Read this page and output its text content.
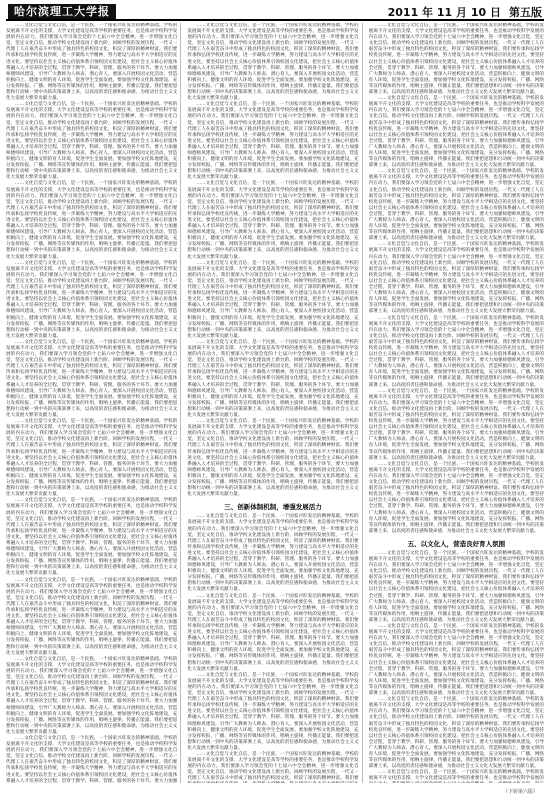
哈尔滨理工大学报	2011 年 11 月 10 日 第五版

……文化自觉与文化自信，是一个民族、一个国家兴旺发达的精神基础。学校的发展离不开文化的支撑，大学文化建设是高等学校的重要任务，也是推动学校科学发展的内在动力。我们要深入学习领会党的十七届六中全会精神，进一步增强文化自觉，坚定文化自信，推动学校文化建设再上新台阶。回顾学校的发展历程，一代又一代理工人在艰苦奋斗中形成了独具特色的校园文化，积淀了深厚的精神财富。我们要传承和弘扬学校优良传统，进一步凝练大学精神，努力建设与高水平大学相适应的先进文化。要坚持以社会主义核心价值体系引领校园文化建设，把社会主义核心价值体系融入人才培养的全过程，贯穿于教学、科研、管理、服务的各个环节。要大力加强师德师风建设，引导广大教师为人师表、潜心育人。要深入开展校园文化活动，营造积极向上、健康文明的育人环境，促进学生全面发展。要加强学校文化阵地建设，充分发挥校报、广播、网络等宣传媒体的作用，唱响主旋律，传播正能量。我们要把思想和行动统一到中央的决策部署上来，以高度的责任感和使命感，为推动社会主义文化大发展大繁荣贡献力量。

……文化自觉与文化自信，是一个民族、一个国家兴旺发达的精神基础。学校的发展离不开文化的支撑，大学文化建设是高等学校的重要任务，也是推动学校科学发展的内在动力。我们要深入学习领会党的十七届六中全会精神，进一步增强文化自觉，坚定文化自信，推动学校文化建设再上新台阶。回顾学校的发展历程，一代又一代理工人在艰苦奋斗中形成了独具特色的校园文化，积淀了深厚的精神财富。我们要传承和弘扬学校优良传统，进一步凝练大学精神，努力建设与高水平大学相适应的先进文化。要坚持以社会主义核心价值体系引领校园文化建设，把社会主义核心价值体系融入人才培养的全过程，贯穿于教学、科研、管理、服务的各个环节。要大力加强师德师风建设，引导广大教师为人师表、潜心育人。要深入开展校园文化活动，营造积极向上、健康文明的育人环境，促进学生全面发展。要加强学校文化阵地建设，充分发挥校报、广播、网络等宣传媒体的作用，唱响主旋律，传播正能量。我们要把思想和行动统一到中央的决策部署上来，以高度的责任感和使命感，为推动社会主义文化大发展大繁荣贡献力量。

……文化自觉与文化自信，是一个民族、一个国家兴旺发达的精神基础。学校的发展离不开文化的支撑，大学文化建设是高等学校的重要任务，也是推动学校科学发展的内在动力。我们要深入学习领会党的十七届六中全会精神，进一步增强文化自觉，坚定文化自信，推动学校文化建设再上新台阶。回顾学校的发展历程，一代又一代理工人在艰苦奋斗中形成了独具特色的校园文化，积淀了深厚的精神财富。我们要传承和弘扬学校优良传统，进一步凝练大学精神，努力建设与高水平大学相适应的先进文化。要坚持以社会主义核心价值体系引领校园文化建设，把社会主义核心价值体系融入人才培养的全过程，贯穿于教学、科研、管理、服务的各个环节。要大力加强师德师风建设，引导广大教师为人师表、潜心育人。要深入开展校园文化活动，营造积极向上、健康文明的育人环境，促进学生全面发展。要加强学校文化阵地建设，充分发挥校报、广播、网络等宣传媒体的作用，唱响主旋律，传播正能量。我们要把思想和行动统一到中央的决策部署上来，以高度的责任感和使命感，为推动社会主义文化大发展大繁荣贡献力量。

……文化自觉与文化自信，是一个民族、一个国家兴旺发达的精神基础。学校的发展离不开文化的支撑，大学文化建设是高等学校的重要任务，也是推动学校科学发展的内在动力。我们要深入学习领会党的十七届六中全会精神，进一步增强文化自觉，坚定文化自信，推动学校文化建设再上新台阶。回顾学校的发展历程，一代又一代理工人在艰苦奋斗中形成了独具特色的校园文化，积淀了深厚的精神财富。我们要传承和弘扬学校优良传统，进一步凝练大学精神，努力建设与高水平大学相适应的先进文化。要坚持以社会主义核心价值体系引领校园文化建设，把社会主义核心价值体系融入人才培养的全过程，贯穿于教学、科研、管理、服务的各个环节。要大力加强师德师风建设，引导广大教师为人师表、潜心育人。要深入开展校园文化活动，营造积极向上、健康文明的育人环境，促进学生全面发展。要加强学校文化阵地建设，充分发挥校报、广播、网络等宣传媒体的作用，唱响主旋律，传播正能量。我们要把思想和行动统一到中央的决策部署上来，以高度的责任感和使命感，为推动社会主义文化大发展大繁荣贡献力量。

……文化自觉与文化自信，是一个民族、一个国家兴旺发达的精神基础。学校的发展离不开文化的支撑，大学文化建设是高等学校的重要任务，也是推动学校科学发展的内在动力。我们要深入学习领会党的十七届六中全会精神，进一步增强文化自觉，坚定文化自信，推动学校文化建设再上新台阶。回顾学校的发展历程，一代又一代理工人在艰苦奋斗中形成了独具特色的校园文化，积淀了深厚的精神财富。我们要传承和弘扬学校优良传统，进一步凝练大学精神，努力建设与高水平大学相适应的先进文化。要坚持以社会主义核心价值体系引领校园文化建设，把社会主义核心价值体系融入人才培养的全过程，贯穿于教学、科研、管理、服务的各个环节。要大力加强师德师风建设，引导广大教师为人师表、潜心育人。要深入开展校园文化活动，营造积极向上、健康文明的育人环境，促进学生全面发展。要加强学校文化阵地建设，充分发挥校报、广播、网络等宣传媒体的作用，唱响主旋律，传播正能量。我们要把思想和行动统一到中央的决策部署上来，以高度的责任感和使命感，为推动社会主义文化大发展大繁荣贡献力量。

……文化自觉与文化自信，是一个民族、一个国家兴旺发达的精神基础。学校的发展离不开文化的支撑，大学文化建设是高等学校的重要任务，也是推动学校科学发展的内在动力。我们要深入学习领会党的十七届六中全会精神，进一步增强文化自觉，坚定文化自信，推动学校文化建设再上新台阶。回顾学校的发展历程，一代又一代理工人在艰苦奋斗中形成了独具特色的校园文化，积淀了深厚的精神财富。我们要传承和弘扬学校优良传统，进一步凝练大学精神，努力建设与高水平大学相适应的先进文化。要坚持以社会主义核心价值体系引领校园文化建设，把社会主义核心价值体系融入人才培养的全过程，贯穿于教学、科研、管理、服务的各个环节。要大力加强师德师风建设，引导广大教师为人师表、潜心育人。要深入开展校园文化活动，营造积极向上、健康文明的育人环境，促进学生全面发展。要加强学校文化阵地建设，充分发挥校报、广播、网络等宣传媒体的作用，唱响主旋律，传播正能量。我们要把思想和行动统一到中央的决策部署上来，以高度的责任感和使命感，为推动社会主义文化大发展大繁荣贡献力量。

……文化自觉与文化自信，是一个民族、一个国家兴旺发达的精神基础。学校的发展离不开文化的支撑，大学文化建设是高等学校的重要任务，也是推动学校科学发展的内在动力。我们要深入学习领会党的十七届六中全会精神，进一步增强文化自觉，坚定文化自信，推动学校文化建设再上新台阶。回顾学校的发展历程，一代又一代理工人在艰苦奋斗中形成了独具特色的校园文化，积淀了深厚的精神财富。我们要传承和弘扬学校优良传统，进一步凝练大学精神，努力建设与高水平大学相适应的先进文化。要坚持以社会主义核心价值体系引领校园文化建设，把社会主义核心价值体系融入人才培养的全过程，贯穿于教学、科研、管理、服务的各个环节。要大力加强师德师风建设，引导广大教师为人师表、潜心育人。要深入开展校园文化活动，营造积极向上、健康文明的育人环境，促进学生全面发展。要加强学校文化阵地建设，充分发挥校报、广播、网络等宣传媒体的作用，唱响主旋律，传播正能量。我们要把思想和行动统一到中央的决策部署上来，以高度的责任感和使命感，为推动社会主义文化大发展大繁荣贡献力量。

……文化自觉与文化自信，是一个民族、一个国家兴旺发达的精神基础。学校的发展离不开文化的支撑，大学文化建设是高等学校的重要任务，也是推动学校科学发展的内在动力。我们要深入学习领会党的十七届六中全会精神，进一步增强文化自觉，坚定文化自信，推动学校文化建设再上新台阶。回顾学校的发展历程，一代又一代理工人在艰苦奋斗中形成了独具特色的校园文化，积淀了深厚的精神财富。我们要传承和弘扬学校优良传统，进一步凝练大学精神，努力建设与高水平大学相适应的先进文化。要坚持以社会主义核心价值体系引领校园文化建设，把社会主义核心价值体系融入人才培养的全过程，贯穿于教学、科研、管理、服务的各个环节。要大力加强师德师风建设，引导广大教师为人师表、潜心育人。要深入开展校园文化活动，营造积极向上、健康文明的育人环境，促进学生全面发展。要加强学校文化阵地建设，充分发挥校报、广播、网络等宣传媒体的作用，唱响主旋律，传播正能量。我们要把思想和行动统一到中央的决策部署上来，以高度的责任感和使命感，为推动社会主义文化大发展大繁荣贡献力量。

……文化自觉与文化自信，是一个民族、一个国家兴旺发达的精神基础。学校的发展离不开文化的支撑，大学文化建设是高等学校的重要任务，也是推动学校科学发展的内在动力。我们要深入学习领会党的十七届六中全会精神，进一步增强文化自觉，坚定文化自信，推动学校文化建设再上新台阶。回顾学校的发展历程，一代又一代理工人在艰苦奋斗中形成了独具特色的校园文化，积淀了深厚的精神财富。我们要传承和弘扬学校优良传统，进一步凝练大学精神，努力建设与高水平大学相适应的先进文化。要坚持以社会主义核心价值体系引领校园文化建设，把社会主义核心价值体系融入人才培养的全过程，贯穿于教学、科研、管理、服务的各个环节。要大力加强师德师风建设，引导广大教师为人师表、潜心育人。要深入开展校园文化活动，营造积极向上、健康文明的育人环境，促进学生全面发展。要加强学校文化阵地建设，充分发挥校报、广播、网络等宣传媒体的作用，唱响主旋律，传播正能量。我们要把思想和行动统一到中央的决策部署上来，以高度的责任感和使命感，为推动社会主义文化大发展大繁荣贡献力量。

……文化自觉与文化自信，是一个民族、一个国家兴旺发达的精神基础。学校的发展离不开文化的支撑，大学文化建设是高等学校的重要任务，也是推动学校科学发展的内在动力。我们要深入学习领会党的十七届六中全会精神，进一步增强文化自觉，坚定文化自信，推动学校文化建设再上新台阶。回顾学校的发展历程，一代又一代理工人在艰苦奋斗中形成了独具特色的校园文化，积淀了深厚的精神财富。我们要传承和弘扬学校优良传统，进一步凝练大学精神，努力建设与高水平大学相适应的先进文化。要坚持以社会主义核心价值体系引领校园文化建设，把社会主义核心价值体系融入人才培养的全过程，贯穿于教学、科研、管理、服务的各个环节。要大力加强

……文化自觉与文化自信，是一个民族、一个国家兴旺发达的精神基础。学校的发展离不开文化的支撑，大学文化建设是高等学校的重要任务，也是推动学校科学发展的内在动力。我们要深入学习领会党的十七届六中全会精神，进一步增强文化自觉，坚定文化自信，推动学校文化建设再上新台阶。回顾学校的发展历程，一代又一代理工人在艰苦奋斗中形成了独具特色的校园文化，积淀了深厚的精神财富。我们要传承和弘扬学校优良传统，进一步凝练大学精神，努力建设与高水平大学相适应的先进文化。要坚持以社会主义核心价值体系引领校园文化建设，把社会主义核心价值体系融入人才培养的全过程，贯穿于教学、科研、管理、服务的各个环节。要大力加强师德师风建设，引导广大教师为人师表、潜心育人。要深入开展校园文化活动，营造积极向上、健康文明的育人环境，促进学生全面发展。要加强学校文化阵地建设，充分发挥校报、广播、网络等宣传媒体的作用，唱响主旋律，传播正能量。我们要把思想和行动统一到中央的决策部署上来，以高度的责任感和使命感，为推动社会主义文化大发展大繁荣贡献力量。

……文化自觉与文化自信，是一个民族、一个国家兴旺发达的精神基础。学校的发展离不开文化的支撑，大学文化建设是高等学校的重要任务，也是推动学校科学发展的内在动力。我们要深入学习领会党的十七届六中全会精神，进一步增强文化自觉，坚定文化自信，推动学校文化建设再上新台阶。回顾学校的发展历程，一代又一代理工人在艰苦奋斗中形成了独具特色的校园文化，积淀了深厚的精神财富。我们要传承和弘扬学校优良传统，进一步凝练大学精神，努力建设与高水平大学相适应的先进文化。要坚持以社会主义核心价值体系引领校园文化建设，把社会主义核心价值体系融入人才培养的全过程，贯穿于教学、科研、管理、服务的各个环节。要大力加强师德师风建设，引导广大教师为人师表、潜心育人。要深入开展校园文化活动，营造积极向上、健康文明的育人环境，促进学生全面发展。要加强学校文化阵地建设，充分发挥校报、广播、网络等宣传媒体的作用，唱响主旋律，传播正能量。我们要把思想和行动统一到中央的决策部署上来，以高度的责任感和使命感，为推动社会主义文化大发展大繁荣贡献力量。

……文化自觉与文化自信，是一个民族、一个国家兴旺发达的精神基础。学校的发展离不开文化的支撑，大学文化建设是高等学校的重要任务，也是推动学校科学发展的内在动力。我们要深入学习领会党的十七届六中全会精神，进一步增强文化自觉，坚定文化自信，推动学校文化建设再上新台阶。回顾学校的发展历程，一代又一代理工人在艰苦奋斗中形成了独具特色的校园文化，积淀了深厚的精神财富。我们要传承和弘扬学校优良传统，进一步凝练大学精神，努力建设与高水平大学相适应的先进文化。要坚持以社会主义核心价值体系引领校园文化建设，把社会主义核心价值体系融入人才培养的全过程，贯穿于教学、科研、管理、服务的各个环节。要大力加强师德师风建设，引导广大教师为人师表、潜心育人。要深入开展校园文化活动，营造积极向上、健康文明的育人环境，促进学生全面发展。要加强学校文化阵地建设，充分发挥校报、广播、网络等宣传媒体的作用，唱响主旋律，传播正能量。我们要把思想和行动统一到中央的决策部署上来，以高度的责任感和使命感，为推动社会主义文化大发展大繁荣贡献力量。

……文化自觉与文化自信，是一个民族、一个国家兴旺发达的精神基础。学校的发展离不开文化的支撑，大学文化建设是高等学校的重要任务，也是推动学校科学发展的内在动力。我们要深入学习领会党的十七届六中全会精神，进一步增强文化自觉，坚定文化自信，推动学校文化建设再上新台阶。回顾学校的发展历程，一代又一代理工人在艰苦奋斗中形成了独具特色的校园文化，积淀了深厚的精神财富。我们要传承和弘扬学校优良传统，进一步凝练大学精神，努力建设与高水平大学相适应的先进文化。要坚持以社会主义核心价值体系引领校园文化建设，把社会主义核心价值体系融入人才培养的全过程，贯穿于教学、科研、管理、服务的各个环节。要大力加强师德师风建设，引导广大教师为人师表、潜心育人。要深入开展校园文化活动，营造积极向上、健康文明的育人环境，促进学生全面发展。要加强学校文化阵地建设，充分发挥校报、广播、网络等宣传媒体的作用，唱响主旋律，传播正能量。我们要把思想和行动统一到中央的决策部署上来，以高度的责任感和使命感，为推动社会主义文化大发展大繁荣贡献力量。

……文化自觉与文化自信，是一个民族、一个国家兴旺发达的精神基础。学校的发展离不开文化的支撑，大学文化建设是高等学校的重要任务，也是推动学校科学发展的内在动力。我们要深入学习领会党的十七届六中全会精神，进一步增强文化自觉，坚定文化自信，推动学校文化建设再上新台阶。回顾学校的发展历程，一代又一代理工人在艰苦奋斗中形成了独具特色的校园文化，积淀了深厚的精神财富。我们要传承和弘扬学校优良传统，进一步凝练大学精神，努力建设与高水平大学相适应的先进文化。要坚持以社会主义核心价值体系引领校园文化建设，把社会主义核心价值体系融入人才培养的全过程，贯穿于教学、科研、管理、服务的各个环节。要大力加强师德师风建设，引导广大教师为人师表、潜心育人。要深入开展校园文化活动，营造积极向上、健康文明的育人环境，促进学生全面发展。要加强学校文化阵地建设，充分发挥校报、广播、网络等宣传媒体的作用，唱响主旋律，传播正能量。我们要把思想和行动统一到中央的决策部署上来，以高度的责任感和使命感，为推动社会主义文化大发展大繁荣贡献力量。

……文化自觉与文化自信，是一个民族、一个国家兴旺发达的精神基础。学校的发展离不开文化的支撑，大学文化建设是高等学校的重要任务，也是推动学校科学发展的内在动力。我们要深入学习领会党的十七届六中全会精神，进一步增强文化自觉，坚定文化自信，推动学校文化建设再上新台阶。回顾学校的发展历程，一代又一代理工人在艰苦奋斗中形成了独具特色的校园文化，积淀了深厚的精神财富。我们要传承和弘扬学校优良传统，进一步凝练大学精神，努力建设与高水平大学相适应的先进文化。要坚持以社会主义核心价值体系引领校园文化建设，把社会主义核心价值体系融入人才培养的全过程，贯穿于教学、科研、管理、服务的各个环节。要大力加强师德师风建设，引导广大教师为人师表、潜心育人。要深入开展校园文化活动，营造积极向上、健康文明的育人环境，促进学生全面发展。要加强学校文化阵地建设，充分发挥校报、广播、网络等宣传媒体的作用，唱响主旋律，传播正能量。我们要把思想和行动统一到中央的决策部署上来，以高度的责任感和使命感，为推动社会主义文化大发展大繁荣贡献力量。

三、创新体制机制，增强发展活力

……文化自觉与文化自信，是一个民族、一个国家兴旺发达的精神基础。学校的发展离不开文化的支撑，大学文化建设是高等学校的重要任务，也是推动学校科学发展的内在动力。我们要深入学习领会党的十七届六中全会精神，进一步增强文化自觉，坚定文化自信，推动学校文化建设再上新台阶。回顾学校的发展历程，一代又一代理工人在艰苦奋斗中形成了独具特色的校园文化，积淀了深厚的精神财富。我们要传承和弘扬学校优良传统，进一步凝练大学精神，努力建设与高水平大学相适应的先进文化。要坚持以社会主义核心价值体系引领校园文化建设，把社会主义核心价值体系融入人才培养的全过程，贯穿于教学、科研、管理、服务的各个环节。要大力加强师德师风建设，引导广大教师为人师表、潜心育人。要深入开展校园文化活动，营造积极向上、健康文明的育人环境，促进学生全面发展。要加强学校文化阵地建设，充分发挥校报、广播、网络等宣传媒体的作用，唱响主旋律，传播正能量。我们要把思想和行动统一到中央的决策部署上来，以高度的责任感和使命感，为推动社会主义文化大发展大繁荣贡献力量。

……文化自觉与文化自信，是一个民族、一个国家兴旺发达的精神基础。学校的发展离不开文化的支撑，大学文化建设是高等学校的重要任务，也是推动学校科学发展的内在动力。我们要深入学习领会党的十七届六中全会精神，进一步增强文化自觉，坚定文化自信，推动学校文化建设再上新台阶。回顾学校的发展历程，一代又一代理工人在艰苦奋斗中形成了独具特色的校园文化，积淀了深厚的精神财富。我们要传承和弘扬学校优良传统，进一步凝练大学精神，努力建设与高水平大学相适应的先进文化。要坚持以社会主义核心价值体系引领校园文化建设，把社会主义核心价值体系融入人才培养的全过程，贯穿于教学、科研、管理、服务的各个环节。要大力加强师德师风建设，引导广大教师为人师表、潜心育人。要深入开展校园文化活动，营造积极向上、健康文明的育人环境，促进学生全面发展。要加强学校文化阵地建设，充分发挥校报、广播、网络等宣传媒体的作用，唱响主旋律，传播正能量。我们要把思想和行动统一到中央的决策部署上来，以高度的责任感和使命感，为推动社会主义文化大发展大繁荣贡献力量。

……文化自觉与文化自信，是一个民族、一个国家兴旺发达的精神基础。学校的发展离不开文化的支撑，大学文化建设是高等学校的重要任务，也是推动学校科学发展的内在动力。我们要深入学习领会党的十七届六中全会精神，进一步增强文化自觉，坚定文化自信，推动学校文化建设再上新台阶。回顾学校的发展历程，一代又一代理工人在艰苦奋斗中形成了独具特色的校园文化，积淀了深厚的精神财富。我们要传承和弘扬学校优良传统，进一步凝练大学精神，努力建设与高水平大学相适应的先进文化。要坚持以社会主义核心价值体系引领校园文化建设，把社会主义核心价值体系融入人才培养的全过程，贯穿于教学、科研、管理、服务的各个环节。要大力加强师德师风建设，引导广大教师为人师表、潜心育人。要深入开展校园文化活动，营造积极向上、健康文明的育人环境，促进学生全面发展。要加强学校文化阵地建设，充分发挥校报、广播、网络等宣传媒体的作用，唱响主旋律，传播正能量。我们要把思想和行动统一到中央的决策部署上来，以高度的责任感和使命感，为推动社会主义文化大发展大繁荣贡献力量。

……文化自觉与文化自信，是一个民族、一个国家兴旺发达的精神基础。学校的发展离不开文化的支撑，大学文化建设是高等学校的重要任务，也是推动学校科学发展的内在动力。我们要深入学习领会党的十七届六中全会精神，进一步增强文化自觉，坚定文化自信，推动学校文化建设再上新台阶。回顾学校的发展历程，一代又一代理工人在艰苦奋斗中形成了独具特色的校园文化，积淀了深厚的精神财富。我们要

……文化自觉与文化自信，是一个民族、一个国家兴旺发达的精神基础。学校的发展离不开文化的支撑，大学文化建设是高等学校的重要任务，也是推动学校科学发展的内在动力。我们要深入学习领会党的十七届六中全会精神，进一步增强文化自觉，坚定文化自信，推动学校文化建设再上新台阶。回顾学校的发展历程，一代又一代理工人在艰苦奋斗中形成了独具特色的校园文化，积淀了深厚的精神财富。我们要传承和弘扬学校优良传统，进一步凝练大学精神，努力建设与高水平大学相适应的先进文化。要坚持以社会主义核心价值体系引领校园文化建设，把社会主义核心价值体系融入人才培养的全过程，贯穿于教学、科研、管理、服务的各个环节。要大力加强师德师风建设，引导广大教师为人师表、潜心育人。要深入开展校园文化活动，营造积极向上、健康文明的育人环境，促进学生全面发展。要加强学校文化阵地建设，充分发挥校报、广播、网络等宣传媒体的作用，唱响主旋律，传播正能量。我们要把思想和行动统一到中央的决策部署上来，以高度的责任感和使命感，为推动社会主义文化大发展大繁荣贡献力量。

……文化自觉与文化自信，是一个民族、一个国家兴旺发达的精神基础。学校的发展离不开文化的支撑，大学文化建设是高等学校的重要任务，也是推动学校科学发展的内在动力。我们要深入学习领会党的十七届六中全会精神，进一步增强文化自觉，坚定文化自信，推动学校文化建设再上新台阶。回顾学校的发展历程，一代又一代理工人在艰苦奋斗中形成了独具特色的校园文化，积淀了深厚的精神财富。我们要传承和弘扬学校优良传统，进一步凝练大学精神，努力建设与高水平大学相适应的先进文化。要坚持以社会主义核心价值体系引领校园文化建设，把社会主义核心价值体系融入人才培养的全过程，贯穿于教学、科研、管理、服务的各个环节。要大力加强师德师风建设，引导广大教师为人师表、潜心育人。要深入开展校园文化活动，营造积极向上、健康文明的育人环境，促进学生全面发展。要加强学校文化阵地建设，充分发挥校报、广播、网络等宣传媒体的作用，唱响主旋律，传播正能量。我们要把思想和行动统一到中央的决策部署上来，以高度的责任感和使命感，为推动社会主义文化大发展大繁荣贡献力量。

……文化自觉与文化自信，是一个民族、一个国家兴旺发达的精神基础。学校的发展离不开文化的支撑，大学文化建设是高等学校的重要任务，也是推动学校科学发展的内在动力。我们要深入学习领会党的十七届六中全会精神，进一步增强文化自觉，坚定文化自信，推动学校文化建设再上新台阶。回顾学校的发展历程，一代又一代理工人在艰苦奋斗中形成了独具特色的校园文化，积淀了深厚的精神财富。我们要传承和弘扬学校优良传统，进一步凝练大学精神，努力建设与高水平大学相适应的先进文化。要坚持以社会主义核心价值体系引领校园文化建设，把社会主义核心价值体系融入人才培养的全过程，贯穿于教学、科研、管理、服务的各个环节。要大力加强师德师风建设，引导广大教师为人师表、潜心育人。要深入开展校园文化活动，营造积极向上、健康文明的育人环境，促进学生全面发展。要加强学校文化阵地建设，充分发挥校报、广播、网络等宣传媒体的作用，唱响主旋律，传播正能量。我们要把思想和行动统一到中央的决策部署上来，以高度的责任感和使命感，为推动社会主义文化大发展大繁荣贡献力量。

……文化自觉与文化自信，是一个民族、一个国家兴旺发达的精神基础。学校的发展离不开文化的支撑，大学文化建设是高等学校的重要任务，也是推动学校科学发展的内在动力。我们要深入学习领会党的十七届六中全会精神，进一步增强文化自觉，坚定文化自信，推动学校文化建设再上新台阶。回顾学校的发展历程，一代又一代理工人在艰苦奋斗中形成了独具特色的校园文化，积淀了深厚的精神财富。我们要传承和弘扬学校优良传统，进一步凝练大学精神，努力建设与高水平大学相适应的先进文化。要坚持以社会主义核心价值体系引领校园文化建设，把社会主义核心价值体系融入人才培养的全过程，贯穿于教学、科研、管理、服务的各个环节。要大力加强师德师风建设，引导广大教师为人师表、潜心育人。要深入开展校园文化活动，营造积极向上、健康文明的育人环境，促进学生全面发展。要加强学校文化阵地建设，充分发挥校报、广播、网络等宣传媒体的作用，唱响主旋律，传播正能量。我们要把思想和行动统一到中央的决策部署上来，以高度的责任感和使命感，为推动社会主义文化大发展大繁荣贡献力量。

……文化自觉与文化自信，是一个民族、一个国家兴旺发达的精神基础。学校的发展离不开文化的支撑，大学文化建设是高等学校的重要任务，也是推动学校科学发展的内在动力。我们要深入学习领会党的十七届六中全会精神，进一步增强文化自觉，坚定文化自信，推动学校文化建设再上新台阶。回顾学校的发展历程，一代又一代理工人在艰苦奋斗中形成了独具特色的校园文化，积淀了深厚的精神财富。我们要传承和弘扬学校优良传统，进一步凝练大学精神，努力建设与高水平大学相适应的先进文化。要坚持以社会主义核心价值体系引领校园文化建设，把社会主义核心价值体系融入人才培养的全过程，贯穿于教学、科研、管理、服务的各个环节。要大力加强师德师风建设，引导广大教师为人师表、潜心育人。要深入开展校园文化活动，营造积极向上、健康文明的育人环境，促进学生全面发展。要加强学校文化阵地建设，充分发挥校报、广播、网络等宣传媒体的作用，唱响主旋律，传播正能量。我们要把思想和行动统一到中央的决策部署上来，以高度的责任感和使命感，为推动社会主义文化大发展大繁荣贡献力量。

……文化自觉与文化自信，是一个民族、一个国家兴旺发达的精神基础。学校的发展离不开文化的支撑，大学文化建设是高等学校的重要任务，也是推动学校科学发展的内在动力。我们要深入学习领会党的十七届六中全会精神，进一步增强文化自觉，坚定文化自信，推动学校文化建设再上新台阶。回顾学校的发展历程，一代又一代理工人在艰苦奋斗中形成了独具特色的校园文化，积淀了深厚的精神财富。我们要传承和弘扬学校优良传统，进一步凝练大学精神，努力建设与高水平大学相适应的先进文化。要坚持以社会主义核心价值体系引领校园文化建设，把社会主义核心价值体系融入人才培养的全过程，贯穿于教学、科研、管理、服务的各个环节。要大力加强师德师风建设，引导广大教师为人师表、潜心育人。要深入开展校园文化活动，营造积极向上、健康文明的育人环境，促进学生全面发展。要加强学校文化阵地建设，充分发挥校报、广播、网络等宣传媒体的作用，唱响主旋律，传播正能量。我们要把思想和行动统一到中央的决策部署上来，以高度的责任感和使命感，为推动社会主义文化大发展大繁荣贡献力量。

……文化自觉与文化自信，是一个民族、一个国家兴旺发达的精神基础。学校的发展离不开文化的支撑，大学文化建设是高等学校的重要任务，也是推动学校科学发展的内在动力。我们要深入学习领会党的十七届六中全会精神，进一步增强文化自觉，坚定文化自信，推动学校文化建设再上新台阶。回顾学校的发展历程，一代又一代理工人在艰苦奋斗中形成了独具特色的校园文化，积淀了深厚的精神财富。我们要传承和弘扬学校优良传统，进一步凝练大学精神，努力建设与高水平大学相适应的先进文化。要坚持以社会主义核心价值体系引领校园文化建设，把社会主义核心价值体系融入人才培养的全过程，贯穿于教学、科研、管理、服务的各个环节。要大力加强师德师风建设，引导广大教师为人师表、潜心育人。要深入开展校园文化活动，营造积极向上、健康文明的育人环境，促进学生全面发展。要加强学校文化阵地建设，充分发挥校报、广播、网络等宣传媒体的作用，唱响主旋律，传播正能量。我们要把思想和行动统一到中央的决策部署上来，以高度的责任感和使命感，为推动社会主义文化大发展大繁荣贡献力量。

五、以文化人，营造良好育人氛围

……文化自觉与文化自信，是一个民族、一个国家兴旺发达的精神基础。学校的发展离不开文化的支撑，大学文化建设是高等学校的重要任务，也是推动学校科学发展的内在动力。我们要深入学习领会党的十七届六中全会精神，进一步增强文化自觉，坚定文化自信，推动学校文化建设再上新台阶。回顾学校的发展历程，一代又一代理工人在艰苦奋斗中形成了独具特色的校园文化，积淀了深厚的精神财富。我们要传承和弘扬学校优良传统，进一步凝练大学精神，努力建设与高水平大学相适应的先进文化。要坚持以社会主义核心价值体系引领校园文化建设，把社会主义核心价值体系融入人才培养的全过程，贯穿于教学、科研、管理、服务的各个环节。要大力加强师德师风建设，引导广大教师为人师表、潜心育人。要深入开展校园文化活动，营造积极向上、健康文明的育人环境，促进学生全面发展。要加强学校文化阵地建设，充分发挥校报、广播、网络等宣传媒体的作用，唱响主旋律，传播正能量。我们要把思想和行动统一到中央的决策部署上来，以高度的责任感和使命感，为推动社会主义文化大发展大繁荣贡献力量。

……文化自觉与文化自信，是一个民族、一个国家兴旺发达的精神基础。学校的发展离不开文化的支撑，大学文化建设是高等学校的重要任务，也是推动学校科学发展的内在动力。我们要深入学习领会党的十七届六中全会精神，进一步增强文化自觉，坚定文化自信，推动学校文化建设再上新台阶。回顾学校的发展历程，一代又一代理工人在艰苦奋斗中形成了独具特色的校园文化，积淀了深厚的精神财富。我们要传承和弘扬学校优良传统，进一步凝练大学精神，努力建设与高水平大学相适应的先进文化。要坚持以社会主义核心价值体系引领校园文化建设，把社会主义核心价值体系融入人才培养的全过程，贯穿于教学、科研、管理、服务的各个环节。要大力加强师德师风建设，引导广大教师为人师表、潜心育人。要深入开展校园文化活动，营造积极向上、健康文明的育人环境，促进学生全面发展。要加强学校文化阵地建设，充分发挥校报、广播、网络等宣传媒体的作用，唱响主旋律，传播正能量。我们要把思想和行动统一到中央的决策部署上来，以高度的责任感和使命感，为推动社会主义文化大发展大繁荣贡献力量。

……文化自觉与文化自信，是一个民族、一个国家兴旺发达的精神基础。学校的发展离不开文化的支撑，大学文化建设是高等学校的重要任务，也是推动学校科学发展的内在动力。我们要深入学习领会党的十七届六中全会精神，进一步增强文化自觉，坚定文化自信，推动学校文化建设再上新台阶。回顾学校的发展历程，一代又一代理工人在艰苦奋斗中形成了独具特色的校园文化，积淀了深厚的精神财富。我们要传承和弘扬学校优良传统，进一步凝练大学精神，努力建设与高水平大学相适应的先进文化。要坚持以社会主义核心价值体系引领校园文化建设，把社会主义核心价值体系融入人才培养的全过程，贯穿于教学、科研、管理、服务的各个环节。要大力加强师德师风建设，引导广大教师为人师表、潜心育人。要深入开展校园文化活动，营造积极向上、健康文明的育人环境，促进学生全面发展。要加强学校文化阵地建设，充分发挥校报、广播、网络等宣传媒体的作用，唱响主旋律，传播正能量。我们要把思想和行动统一到中央的决策部署上来，以高度的责任感和使命感，为推动社会主义文化大发展大繁荣贡献力量。

……文化自觉与文化自信，是一个民族、一个国家兴旺发达的精神基础。学校的发展离不开文化的支撑，大学文化建设是高等学校的重要任务，也是推动学校科学发展的

（下转第六版）
